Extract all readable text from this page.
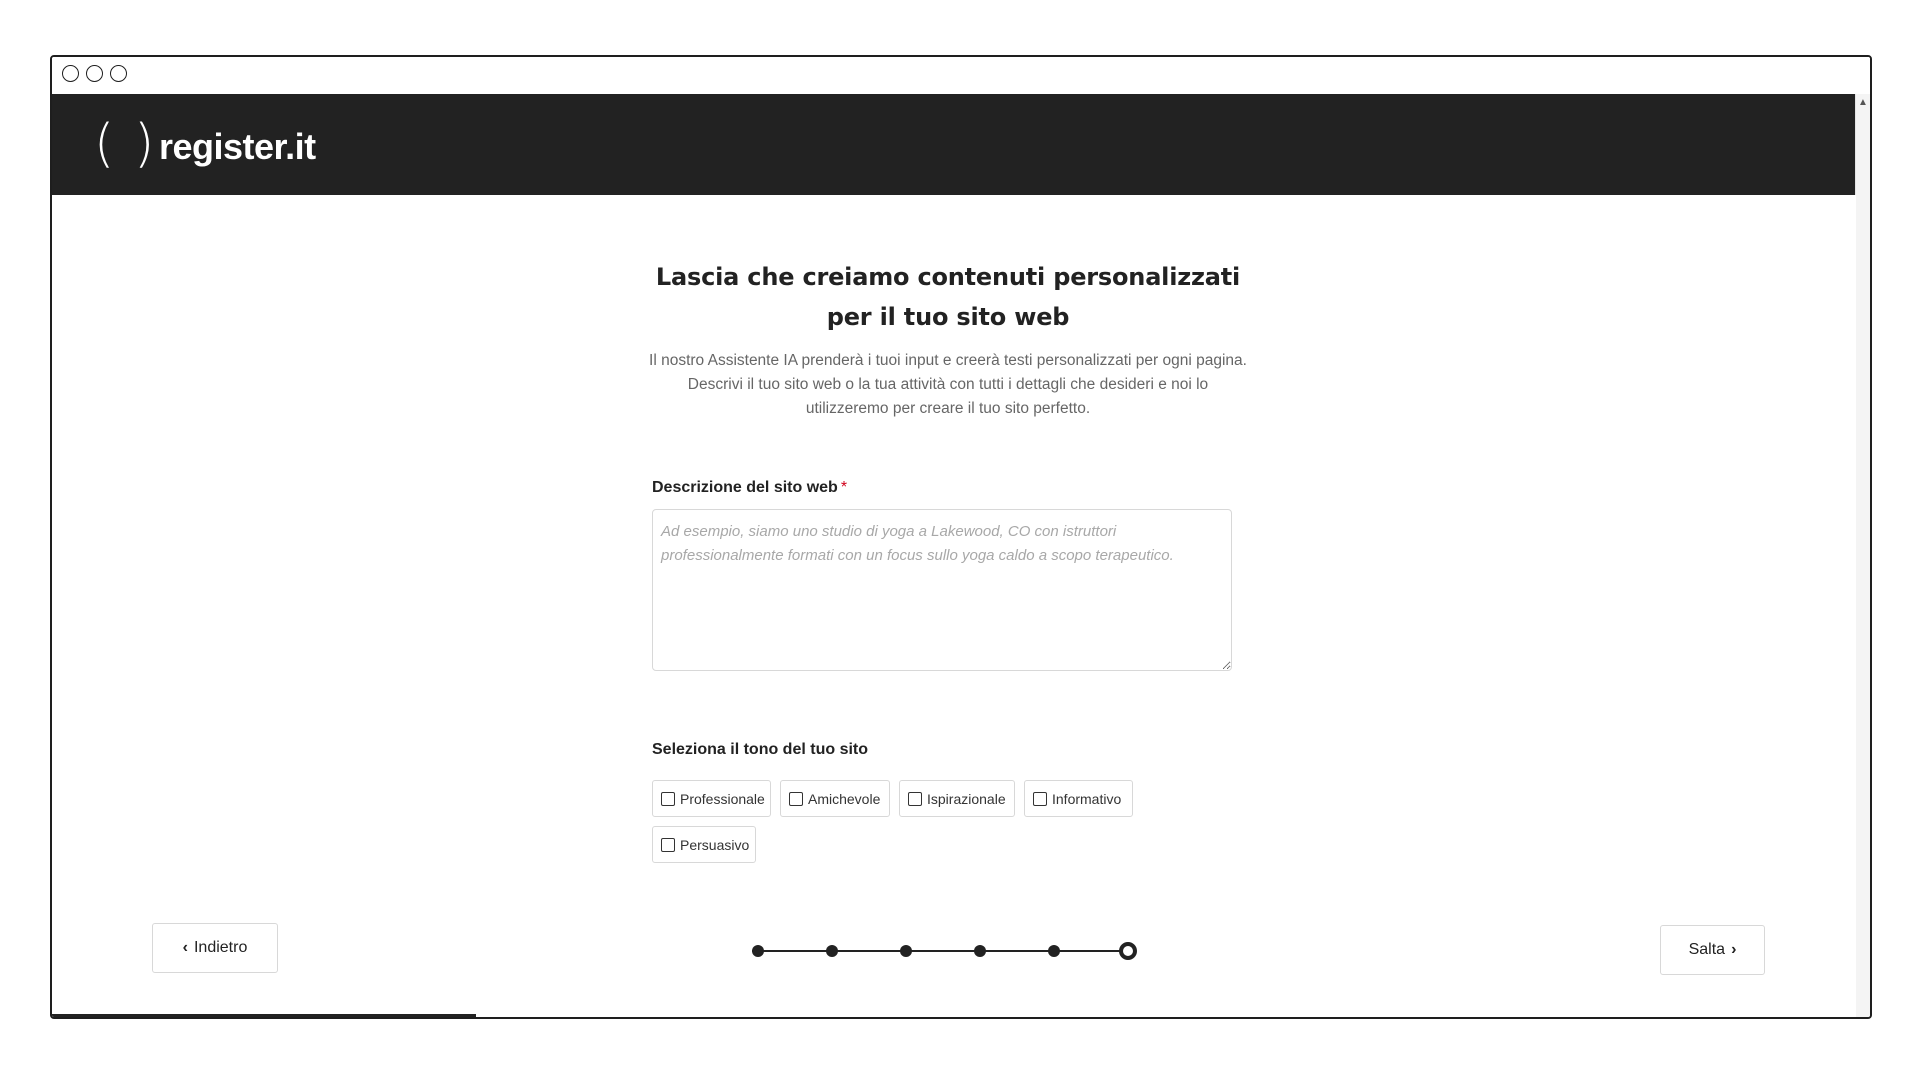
( ) register.it
▲
Lascia che creiamo contenuti personalizzati per il tuo sito web
Il nostro Assistente IA prenderà i tuoi input e creerà testi personalizzati per ogni pagina. Descrivi il tuo sito web o la tua attività con tutti i dettagli che desideri e noi lo utilizzeremo per creare il tuo sito perfetto.
Descrizione del sito web *
Ad esempio, siamo uno studio di yoga a Lakewood, CO con istruttori professionalmente formati con un focus sullo yoga caldo a scopo terapeutico.
Seleziona il tono del tuo sito
Professionale	Amichevole	Ispirazionale	Informativo
Persuasivo
‹ Indietro	Salta ›
